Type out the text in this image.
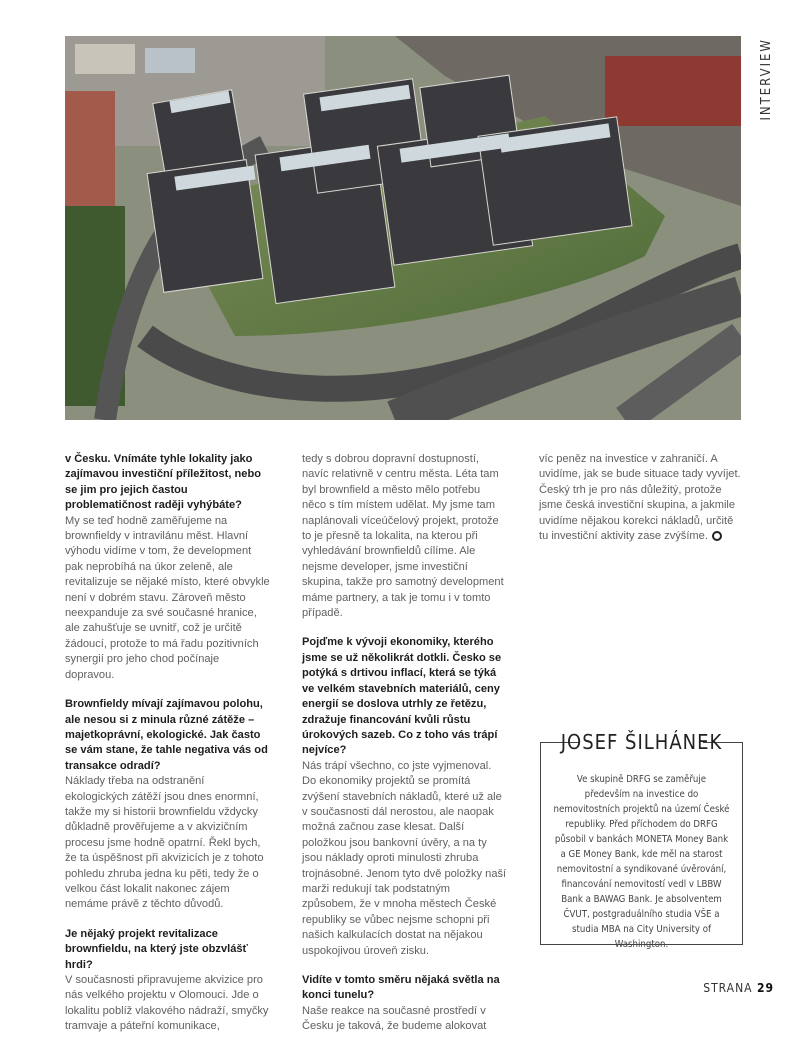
INTERVIEW

v Česku. Vnímáte tyhle lokality jako zajímavou investiční příležitost, nebo se jim pro jejich častou problematičnost raději vyhýbáte?

My se teď hodně zaměřujeme na brownfieldy v intravilánu měst. Hlavní výhodu vidíme v tom, že development pak neprobíhá na úkor zeleně, ale revitalizuje se nějaké místo, které obvykle není v dobrém stavu. Zároveň město neexpanduje za své současné hranice, ale zahušťuje se uvnitř, což je určitě žádoucí, protože to má řadu pozitivních synergií pro jeho chod počínaje dopravou.

Brownfieldy mívají zajímavou polohu, ale nesou si z minula různé zátěže – majetkoprávní, ekologické. Jak často se vám stane, že tahle negativa vás od transakce odradí?

Náklady třeba na odstranění ekologických zátěží jsou dnes enormní, takže my si historii brownfieldu vždycky důkladně prověřujeme a v akvizičním procesu jsme hodně opatrní. Řekl bych, že ta úspěšnost při akvizicích je z tohoto pohledu zhruba jedna ku pěti, tedy že o velkou část lokalit nakonec zájem nemáme právě z těchto důvodů.

Je nějaký projekt revitalizace brownfieldu, na který jste obzvlášť hrdi?

V současnosti připravujeme akvizice pro nás velkého projektu v Olomouci. Jde o lokalitu poblíž vlakového nádraží, smyčky tramvaje a páteřní komunikace,

tedy s dobrou dopravní dostupností, navíc relativně v centru města. Léta tam byl brownfield a město mělo potřebu něco s tím místem udělat. My jsme tam naplánovali víceúčelový projekt, protože to je přesně ta lokalita, na kterou při vyhledávání brownfieldů cílíme. Ale nejsme developer, jsme investiční skupina, takže pro samotný development máme partnery, a tak je tomu i v tomto případě.

Pojďme k vývoji ekonomiky, kterého jsme se už několikrát dotkli. Česko se potýká s drtivou inflací, která se týká ve velkém stavebních materiálů, ceny energií se doslova utrhly ze řetězu, zdražuje financování kvůli růstu úrokových sazeb. Co z toho vás trápí nejvíce?

Nás trápí všechno, co jste vyjmenoval. Do ekonomiky projektů se promítá zvýšení stavebních nákladů, které už ale v současnosti dál nerostou, ale naopak možná začnou zase klesat. Další položkou jsou bankovní úvěry, a na ty jsou náklady oproti minulosti zhruba trojnásobné. Jenom tyto dvě položky naší marži redukují tak podstatným způsobem, že v mnoha městech České republiky se vůbec nejsme schopni při našich kalkulacích dostat na nějakou uspokojivou úroveň zisku.

Vidíte v tomto směru nějaká světla na konci tunelu?

Naše reakce na současné prostředí v Česku je taková, že budeme alokovat

víc peněz na investice v zahraničí. A uvidíme, jak se bude situace tady vyvíjet. Český trh je pro nás důležitý, protože jsme česká investiční skupina, a jakmile uvidíme nějakou korekci nákladů, určitě tu investiční aktivity zase zvýšíme.

JOSEF ŠILHÁNEK
Ve skupině DRFG se zaměřuje především na investice do nemovitostních projektů na území České republiky. Před příchodem do DRFG působil v bankách MONETA Money Bank a GE Money Bank, kde měl na starost nemovitostní a syndikované úvěrování, financování nemovitostí vedl v LBBW Bank a BAWAG Bank. Je absolventem ČVUT, postgraduálního studia VŠE a studia MBA na City University of Washington.
STRANA 29
